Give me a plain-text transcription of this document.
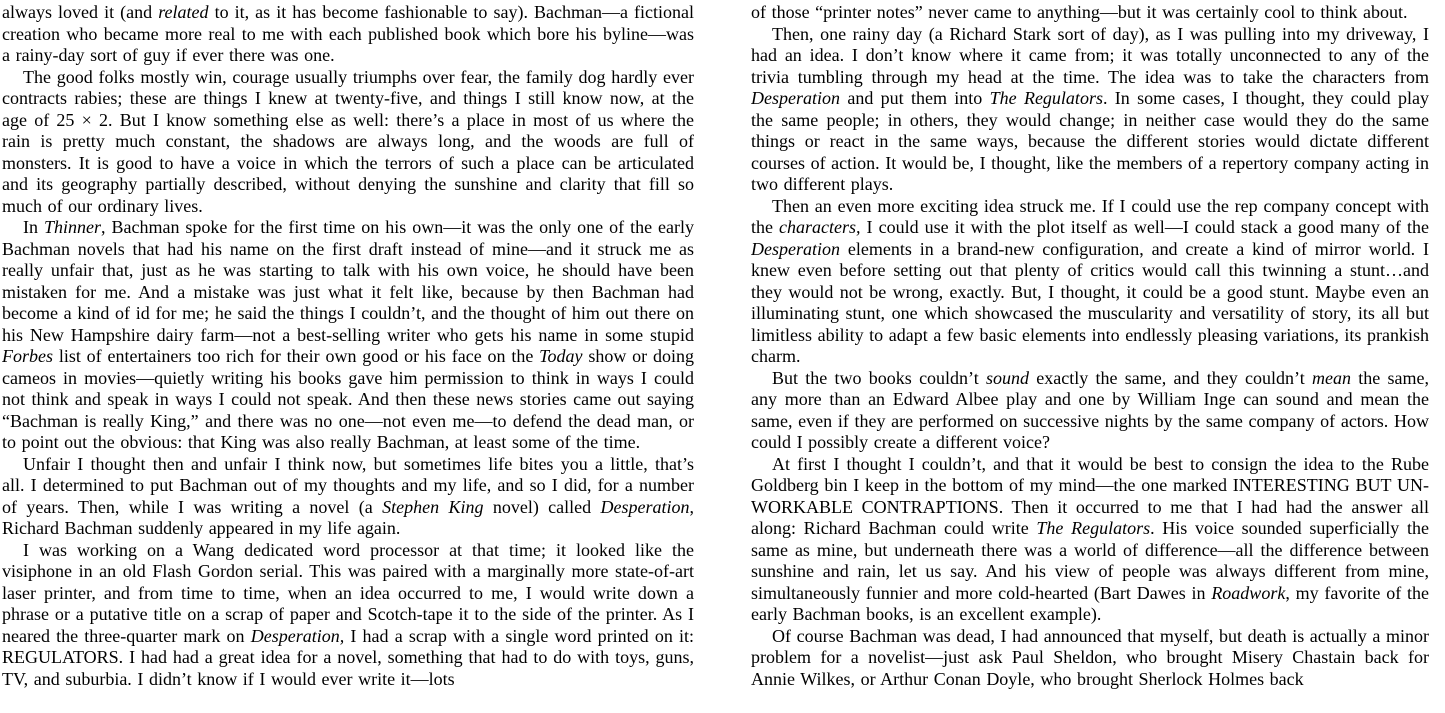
always loved it (and related to it, as it has become fashionable to say). Bachman—a fictional creation who became more real to me with each published book which bore his byline—was a rainy-day sort of guy if ever there was one.

The good folks mostly win, courage usually triumphs over fear, the family dog hardly ever contracts rabies; these are things I knew at twenty-five, and things I still know now, at the age of 25 × 2. But I know something else as well: there’s a place in most of us where the rain is pretty much constant, the shadows are always long, and the woods are full of monsters. It is good to have a voice in which the terrors of such a place can be articulated and its geography partially described, without denying the sunshine and clarity that fill so much of our ordinary lives.

In Thinner, Bachman spoke for the first time on his own—it was the only one of the early Bachman novels that had his name on the first draft instead of mine—and it struck me as really unfair that, just as he was starting to talk with his own voice, he should have been mistaken for me. And a mistake was just what it felt like, because by then Bachman had become a kind of id for me; he said the things I couldn’t, and the thought of him out there on his New Hampshire dairy farm—not a best-selling writer who gets his name in some stupid Forbes list of entertainers too rich for their own good or his face on the Today show or doing cameos in movies—quietly writing his books gave him permission to think in ways I could not think and speak in ways I could not speak. And then these news stories came out saying “Bachman is really King,” and there was no one—not even me—to defend the dead man, or to point out the obvious: that King was also really Bachman, at least some of the time.

Unfair I thought then and unfair I think now, but sometimes life bites you a little, that’s all. I determined to put Bachman out of my thoughts and my life, and so I did, for a number of years. Then, while I was writing a novel (a Stephen King novel) called Desperation, Richard Bachman suddenly appeared in my life again.

I was working on a Wang dedicated word processor at that time; it looked like the visiphone in an old Flash Gordon serial. This was paired with a marginally more state-of-art laser printer, and from time to time, when an idea occurred to me, I would write down a phrase or a putative title on a scrap of paper and Scotch-tape it to the side of the printer. As I neared the three-quarter mark on Desperation, I had a scrap with a single word printed on it: REGULATORS. I had had a great idea for a novel, something that had to do with toys, guns, TV, and suburbia. I didn’t know if I would ever write it—lots

of those “printer notes” never came to anything—but it was certainly cool to think about.

Then, one rainy day (a Richard Stark sort of day), as I was pulling into my driveway, I had an idea. I don’t know where it came from; it was totally unconnected to any of the trivia tumbling through my head at the time. The idea was to take the characters from Desperation and put them into The Regulators. In some cases, I thought, they could play the same people; in others, they would change; in neither case would they do the same things or react in the same ways, because the different stories would dictate different courses of action. It would be, I thought, like the members of a repertory company acting in two different plays.

Then an even more exciting idea struck me. If I could use the rep company concept with the characters, I could use it with the plot itself as well—I could stack a good many of the Desperation elements in a brand-new configuration, and create a kind of mirror world. I knew even before setting out that plenty of critics would call this twinning a stunt…and they would not be wrong, exactly. But, I thought, it could be a good stunt. Maybe even an illuminating stunt, one which showcased the muscularity and versatility of story, its all but limitless ability to adapt a few basic elements into endlessly pleasing variations, its prankish charm.

But the two books couldn’t sound exactly the same, and they couldn’t mean the same, any more than an Edward Albee play and one by William Inge can sound and mean the same, even if they are performed on successive nights by the same company of actors. How could I possibly create a different voice?

At first I thought I couldn’t, and that it would be best to consign the idea to the Rube Goldberg bin I keep in the bottom of my mind—the one marked INTERESTING BUT UN-WORKABLE CONTRAPTIONS. Then it occurred to me that I had had the answer all along: Richard Bachman could write The Regulators. His voice sounded superficially the same as mine, but underneath there was a world of difference—all the difference between sunshine and rain, let us say. And his view of people was always different from mine, simultaneously funnier and more cold-hearted (Bart Dawes in Roadwork, my favorite of the early Bachman books, is an excellent example).

Of course Bachman was dead, I had announced that myself, but death is actually a minor problem for a novelist—just ask Paul Sheldon, who brought Misery Chastain back for Annie Wilkes, or Arthur Conan Doyle, who brought Sherlock Holmes back
